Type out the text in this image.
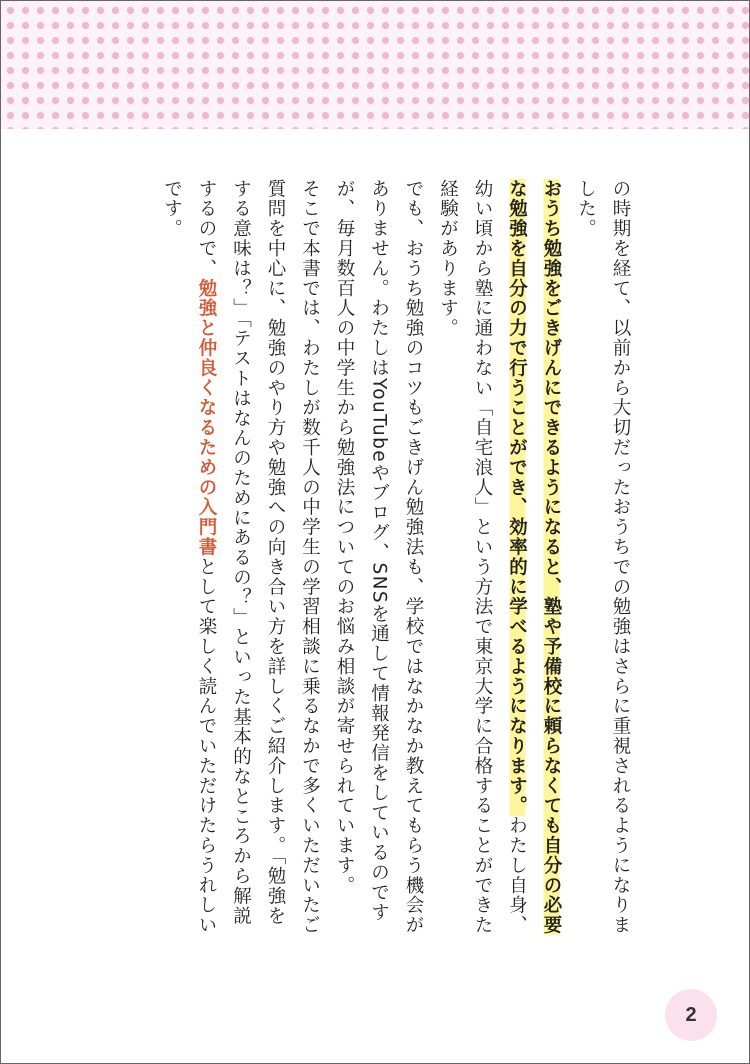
の時期を経て、以前から大切だったおうちでの勉強はさらに重視されるようになりました。

おうち勉強をごきげんにできるようになると、塾や予備校に頼らなくても自分の必要な勉強を自分の力で行うことができ、効率的に学べるようになります。わたし自身、幼い頃から塾に通わない「自宅浪人」という方法で東京大学に合格することができた経験があります。

でも、おうち勉強のコツもごきげん勉強法も、学校ではなかなか教えてもらう機会がありません。わたしはYouTubeやブログ、SNSを通して情報発信をしているのですが、毎月数百人の中学生から勉強法についてのお悩み相談が寄せられています。

そこで本書では、わたしが数千人の中学生の学習相談に乗るなかで多くいただいたご質問を中心に、勉強のやり方や勉強への向き合い方を詳しくご紹介します。「勉強をする意味は？」「テストはなんのためにあるの？」といった基本的なところから解説するので、勉強と仲良くなるための入門書として楽しく読んでいただけたらうれしいです。

2
